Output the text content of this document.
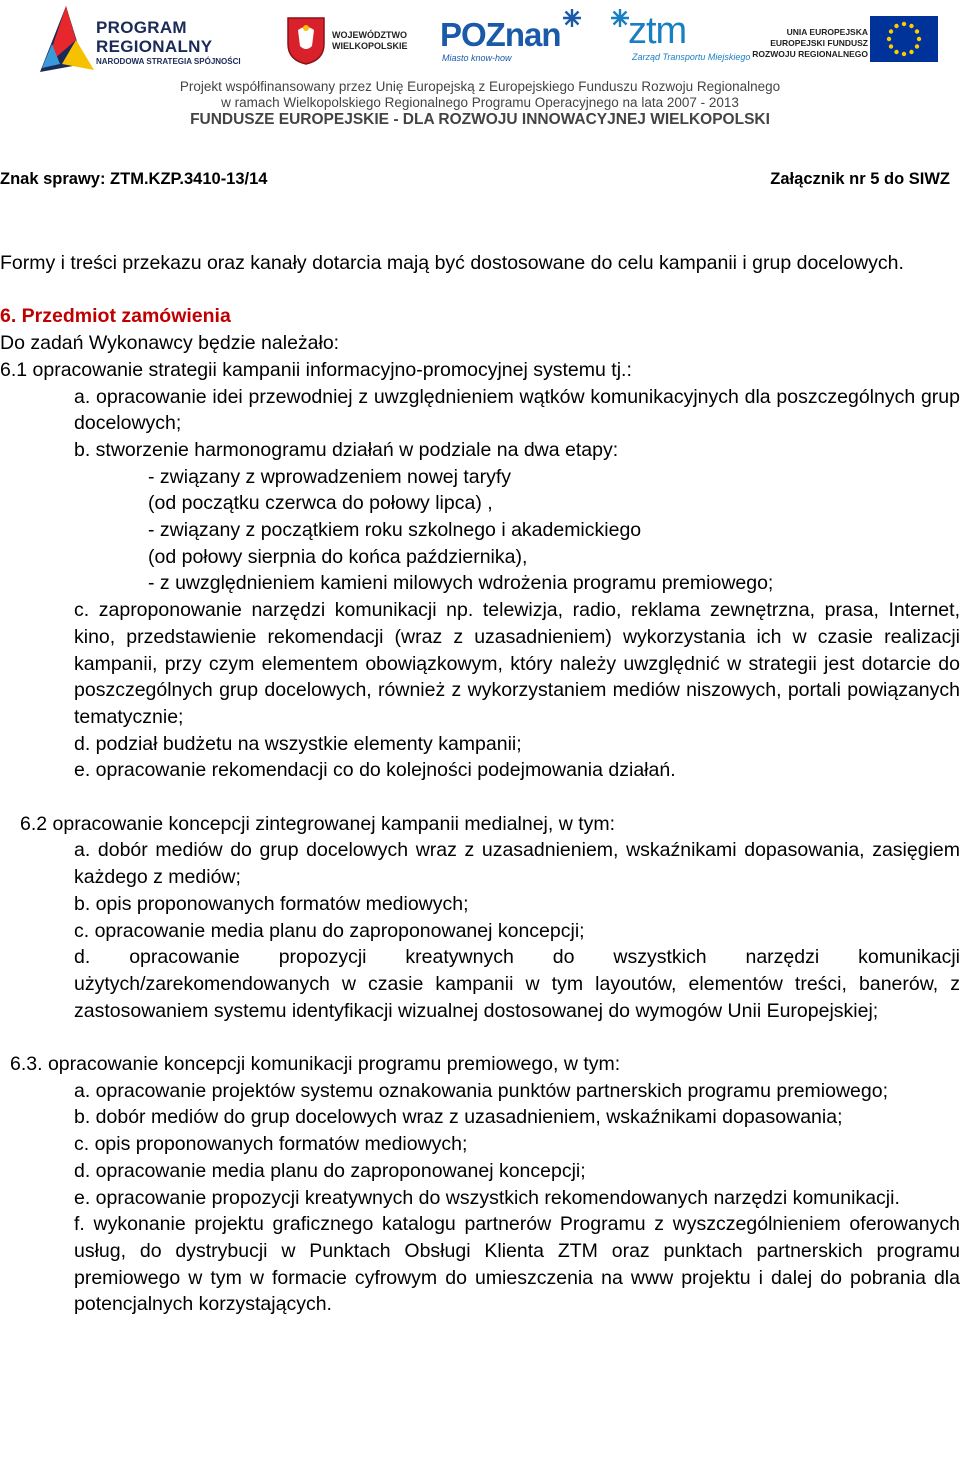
PROGRAM
REGIONALNY
NARODOWA STRATEGIA SPÓJNOŚCI
WOJEWÓDZTWO
WIELKOPOLSKIE POZnan
Miasto know-how
ztm
Zarząd Transportu Miejskiego
UNIA EUROPEJSKA
EUROPEJSKI FUNDUSZ
ROZWOJU REGIONALNEGO
Projekt współfinansowany przez Unię Europejską z Europejskiego Funduszu Rozwoju Regionalnego
w ramach Wielkopolskiego Regionalnego Programu Operacyjnego na lata 2007 - 2013
FUNDUSZE EUROPEJSKIE - DLA ROZWOJU INNOWACYJNEJ WIELKOPOLSKI
Znak sprawy: ZTM.KZP.3410-13/14	Załącznik nr 5 do SIWZ

Formy i treści przekazu oraz kanały dotarcia mają być dostosowane do celu kampanii i grup docelowych.

6. Przedmiot zamówienia

Do zadań Wykonawcy będzie należało:

6.1 opracowanie strategii kampanii informacyjno-promocyjnej systemu tj.:

a. opracowanie idei przewodniej z uwzględnieniem wątków komunikacyjnych dla poszczególnych grup docelowych;

b. stworzenie harmonogramu działań w podziale na dwa etapy:

- związany z wprowadzeniem nowej taryfy

(od początku czerwca do połowy lipca) ,

- związany z początkiem roku szkolnego i akademickiego

(od połowy sierpnia do końca października),

- z uwzględnieniem kamieni milowych wdrożenia programu premiowego;

c. zaproponowanie narzędzi komunikacji np. telewizja, radio, reklama zewnętrzna, prasa, Internet, kino, przedstawienie rekomendacji (wraz z uzasadnieniem) wykorzystania ich w czasie realizacji kampanii, przy czym elementem obowiązkowym, który należy uwzględnić w strategii jest dotarcie do poszczególnych grup docelowych, również z wykorzystaniem mediów niszowych, portali powiązanych tematycznie;

d. podział budżetu na wszystkie elementy kampanii;

e. opracowanie rekomendacji co do kolejności podejmowania działań.

6.2 opracowanie koncepcji zintegrowanej kampanii medialnej, w tym:

a. dobór mediów do grup docelowych wraz z uzasadnieniem, wskaźnikami dopasowania, zasięgiem każdego z mediów;

b. opis proponowanych formatów mediowych;

c. opracowanie media planu do zaproponowanej koncepcji;

d. opracowanie propozycji kreatywnych do wszystkich narzędzi komunikacji użytych/zarekomendowanych w czasie kampanii w tym layoutów, elementów treści, banerów, z zastosowaniem systemu identyfikacji wizualnej dostosowanej do wymogów Unii Europejskiej;

6.3. opracowanie koncepcji komunikacji programu premiowego, w tym:

a. opracowanie projektów systemu oznakowania punktów partnerskich programu premiowego;

b. dobór mediów do grup docelowych wraz z uzasadnieniem, wskaźnikami dopasowania;

c. opis proponowanych formatów mediowych;

d. opracowanie media planu do zaproponowanej koncepcji;

e. opracowanie propozycji kreatywnych do wszystkich rekomendowanych narzędzi komunikacji.

f. wykonanie projektu graficznego katalogu partnerów Programu z wyszczególnieniem oferowanych usług, do dystrybucji w Punktach Obsługi Klienta ZTM oraz punktach partnerskich programu premiowego w tym w formacie cyfrowym do umieszczenia na www projektu i dalej do pobrania dla potencjalnych korzystających.
